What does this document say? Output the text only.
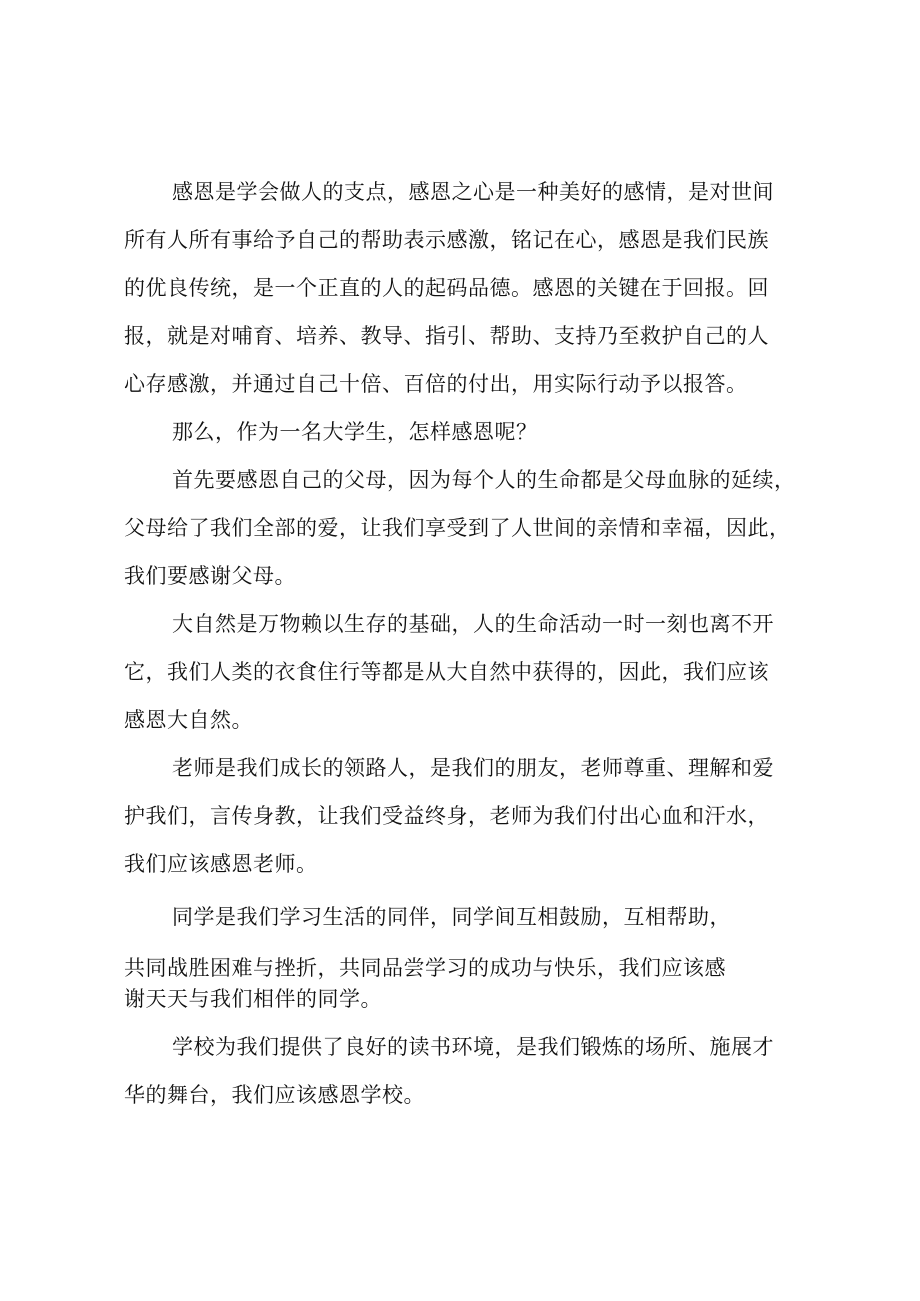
感恩是学会做人的支点，感恩之心是一种美好的感情，是对世间
所有人所有事给予自己的帮助表示感激，铭记在心，感恩是我们民族
的优良传统，是一个正直的人的起码品德。感恩的关键在于回报。回
报，就是对哺育、培养、教导、指引、帮助、支持乃至救护自己的人
心存感激，并通过自己十倍、百倍的付出，用实际行动予以报答。
那么，作为一名大学生，怎样感恩呢？
首先要感恩自己的父母，因为每个人的生命都是父母血脉的延续，
父母给了我们全部的爱，让我们享受到了人世间的亲情和幸福，因此，
我们要感谢父母。
大自然是万物赖以生存的基础，人的生命活动一时一刻也离不开
它，我们人类的衣食住行等都是从大自然中获得的，因此，我们应该
感恩大自然。
老师是我们成长的领路人，是我们的朋友，老师尊重、理解和爱
护我们，言传身教，让我们受益终身，老师为我们付出心血和汗水，
我们应该感恩老师。
同学是我们学习生活的同伴，同学间互相鼓励，互相帮助，
共同战胜困难与挫折，共同品尝学习的成功与快乐，我们应该感
谢天天与我们相伴的同学。
学校为我们提供了良好的读书环境，是我们锻炼的场所、施展才
华的舞台，我们应该感恩学校。
